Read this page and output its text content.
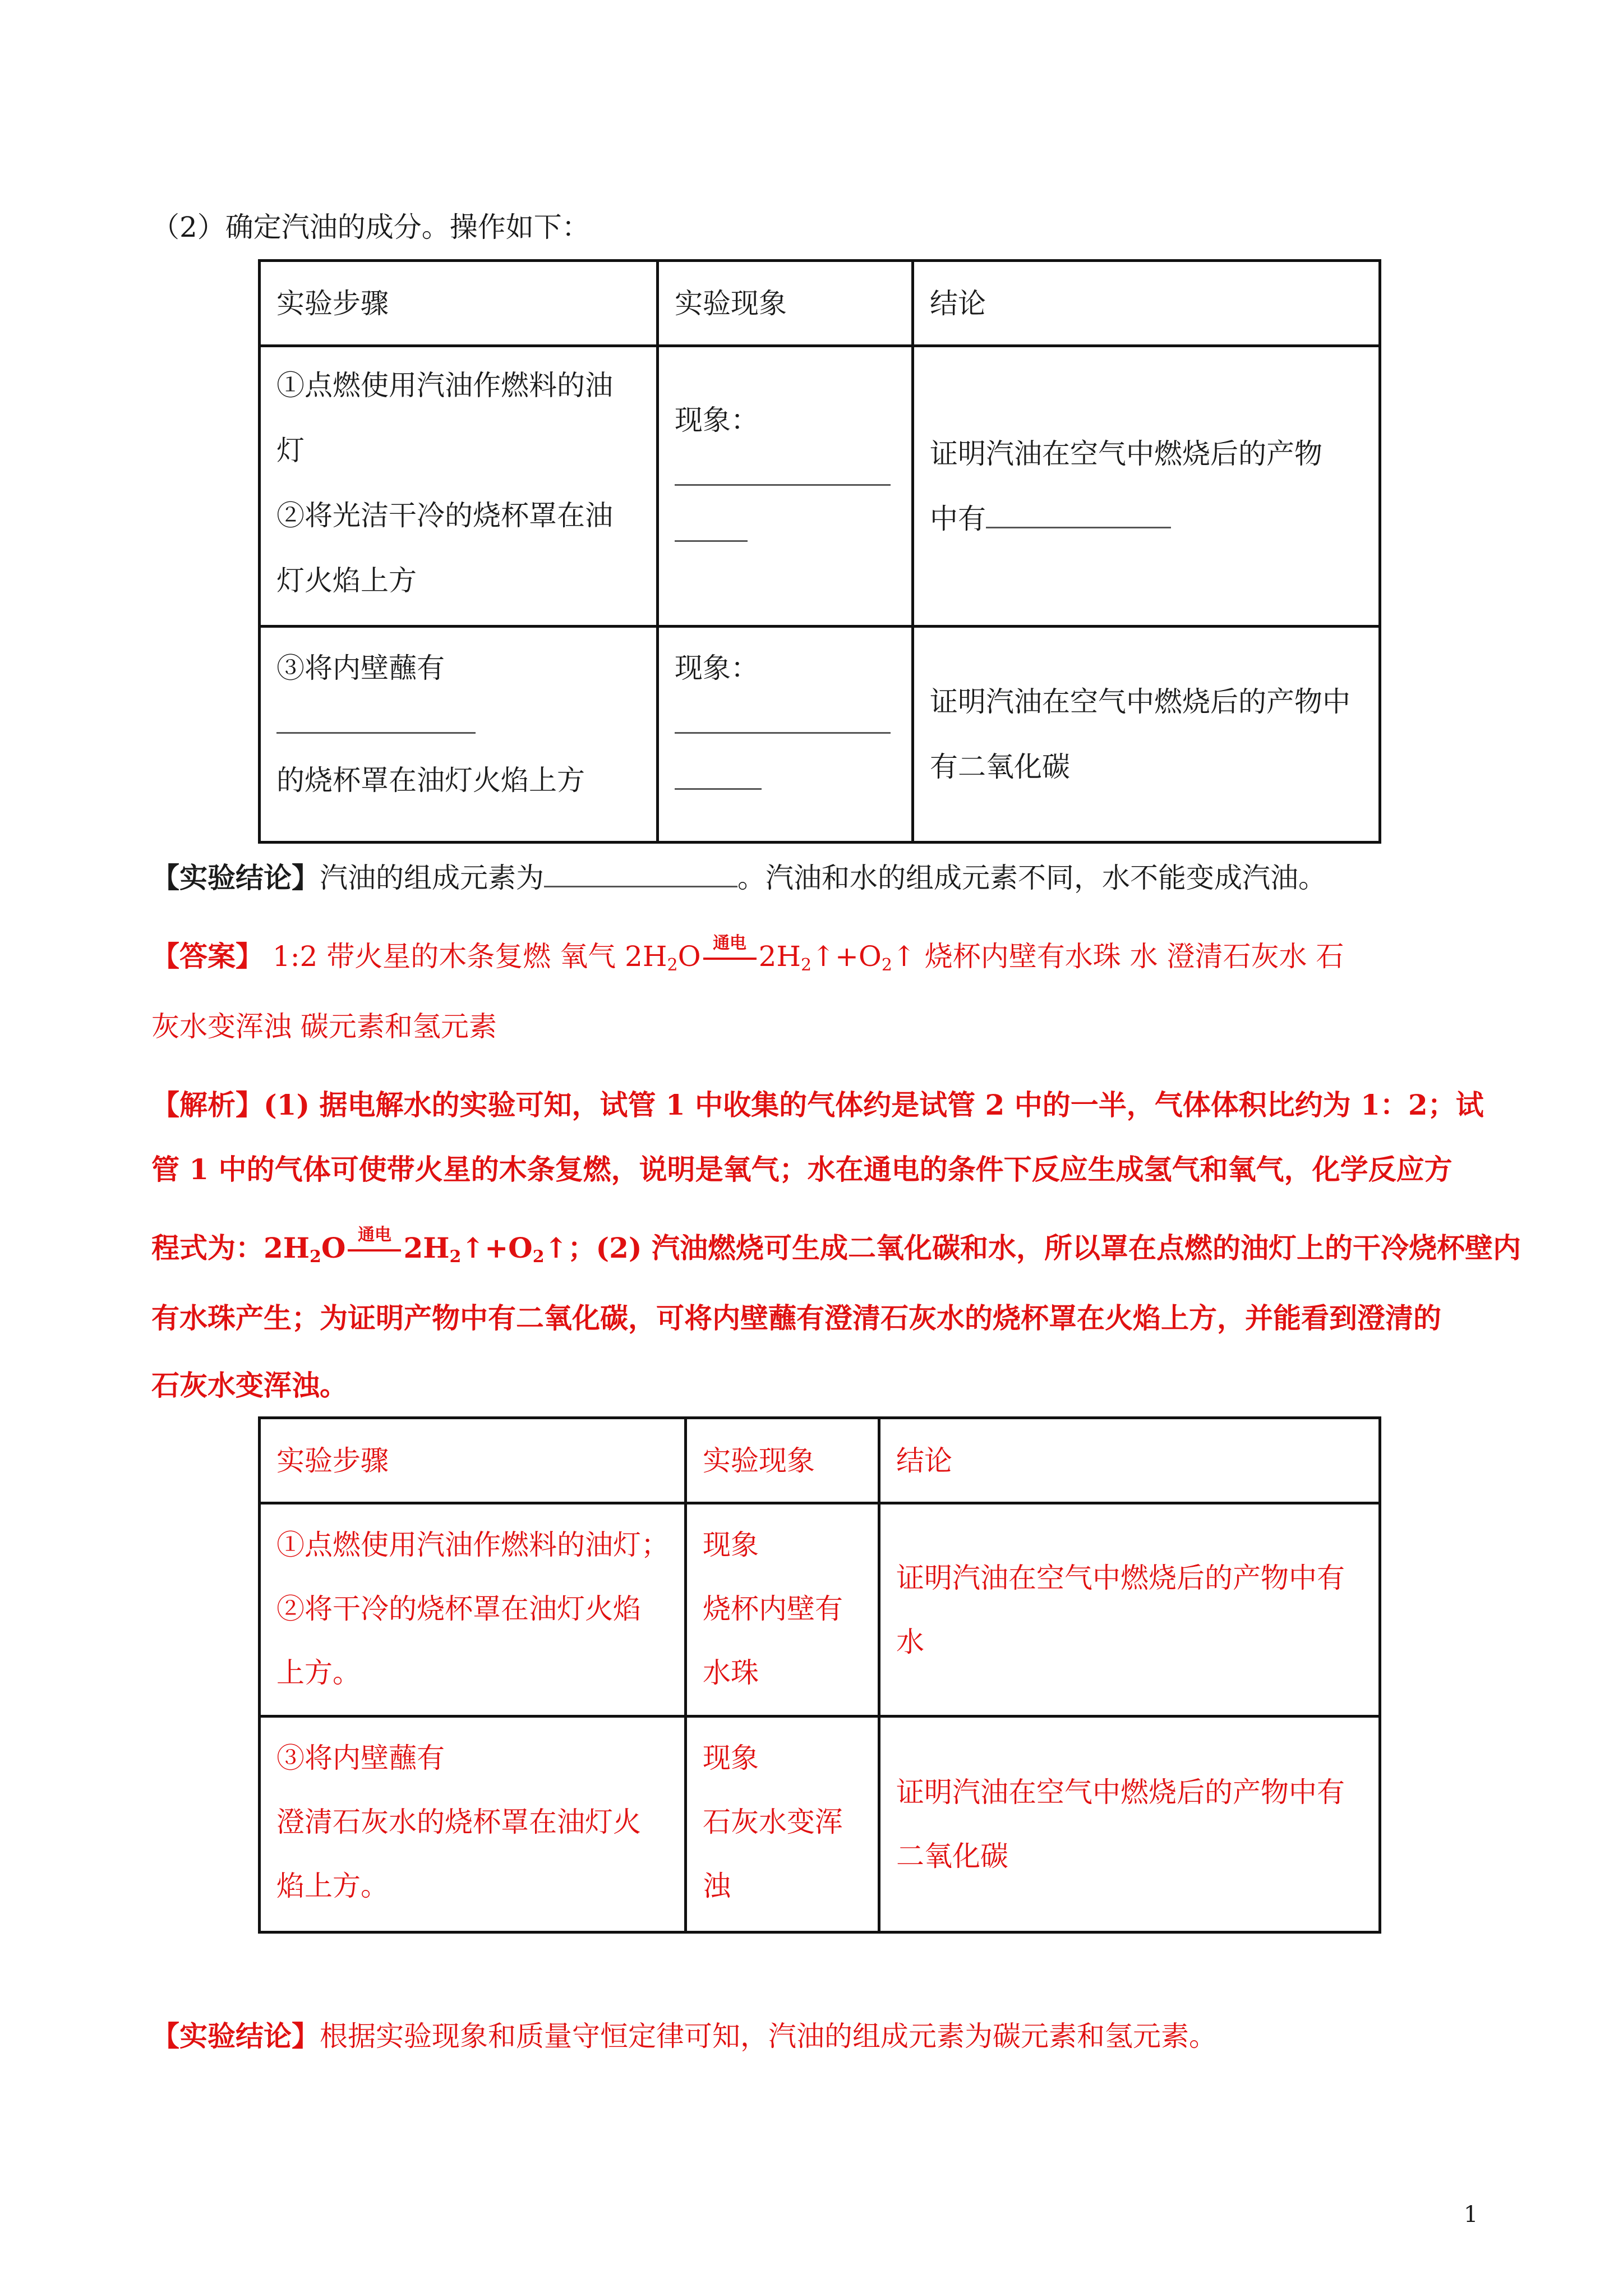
（2）确定汽油的成分。操作如下：
实验步骤	实验现象	结论

①点燃使用汽油作燃料的油
灯
②将光洁干冷的烧杯罩在油
灯火焰上方	现象：	证明汽油在空气中燃烧后的产物
中有

③将内壁蘸有
的烧杯罩在油灯火焰上方	现象：	证明汽油在空气中燃烧后的产物中
有二氧化碳
【实验结论】汽油的组成元素为	。汽油和水的组成元素不同，水不能变成汽油。
【答案】 1:2 带火星的木条复燃 氧气 $2H_2O$ 通电 $2H_2↑+O_2↑$ 烧杯内壁有水珠 水 澄清石灰水 石
灰水变浑浊 碳元素和氢元素
【解析】(1) 据电解水的实验可知，试管 1 中收集的气体约是试管 2 中的一半，气体体积比约为 1：2；试
管 1 中的气体可使带火星的木条复燃，说明是氧气；水在通电的条件下反应生成氢气和氧气，化学反应方
程式为：$2H_2O$ 通电 $2H_2↑+O_2↑$；(2) 汽油燃烧可生成二氧化碳和水，所以罩在点燃的油灯上的干冷烧杯壁内
有水珠产生；为证明产物中有二氧化碳，可将内壁蘸有澄清石灰水的烧杯罩在火焰上方，并能看到澄清的
石灰水变浑浊。
实验步骤	实验现象	结论

①点燃使用汽油作燃料的油灯；
②将干冷的烧杯罩在油灯火焰
上方。	现象
烧杯内壁有
水珠	证明汽油在空气中燃烧后的产物中有
水

③将内壁蘸有
澄清石灰水的烧杯罩在油灯火
焰上方。	现象
石灰水变浑
浊	证明汽油在空气中燃烧后的产物中有
二氧化碳
【实验结论】根据实验现象和质量守恒定律可知，汽油的组成元素为碳元素和氢元素。
1
